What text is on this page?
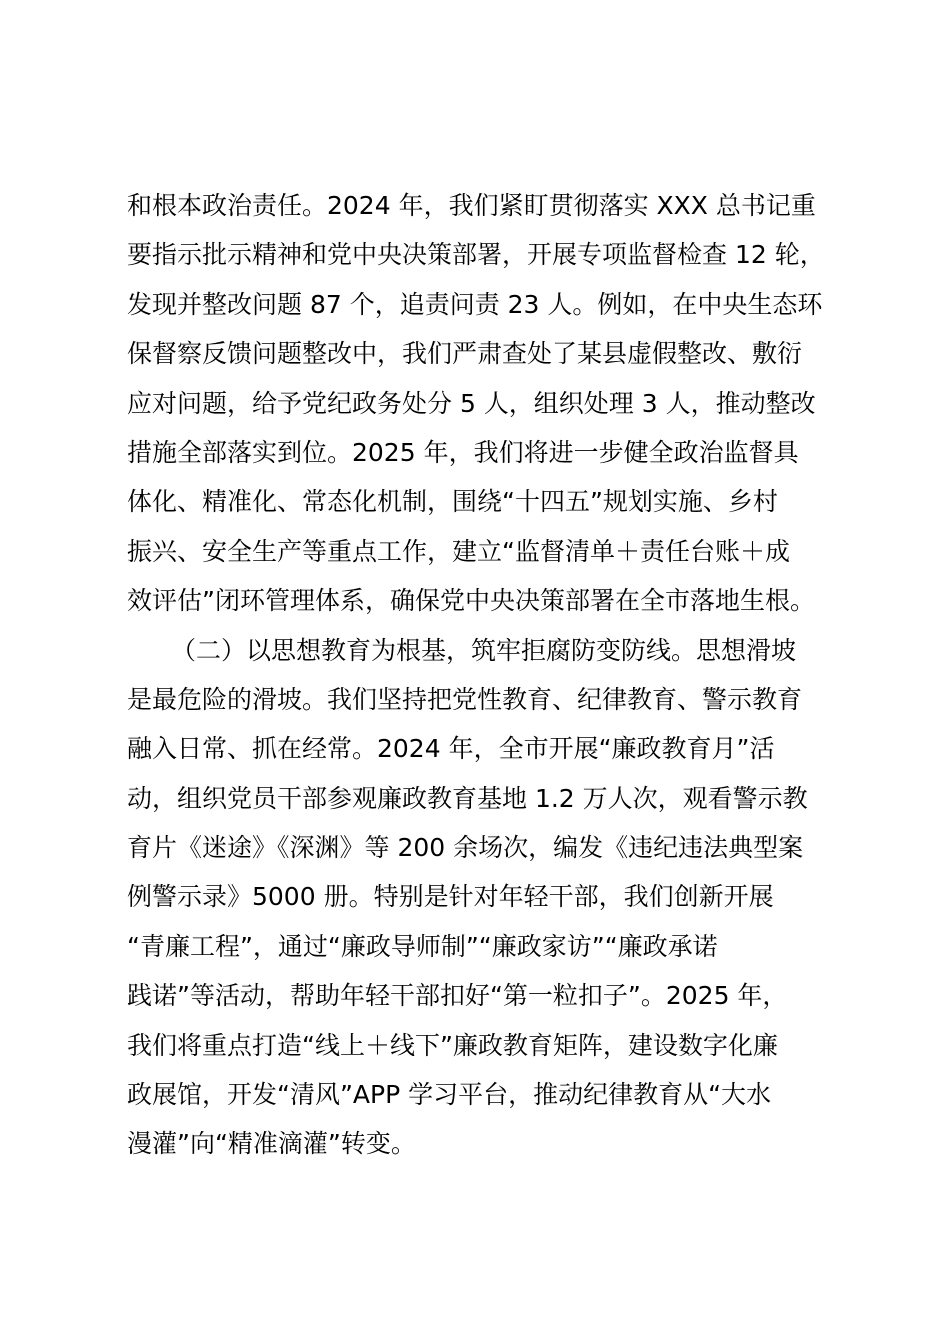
和根本政治责任。2024 年，我们紧盯贯彻落实 XXX 总书记重
要指示批示精神和党中央决策部署，开展专项监督检查 12 轮，
发现并整改问题 87 个，追责问责 23 人。例如，在中央生态环
保督察反馈问题整改中，我们严肃查处了某县虚假整改、敷衍
应对问题，给予党纪政务处分 5 人，组织处理 3 人，推动整改
措施全部落实到位。2025 年，我们将进一步健全政治监督具
体化、精准化、常态化机制，围绕“十四五”规划实施、乡村
振兴、安全生产等重点工作，建立“监督清单＋责任台账＋成
效评估”闭环管理体系，确保党中央决策部署在全市落地生根。
（二）以思想教育为根基，筑牢拒腐防变防线。思想滑坡
是最危险的滑坡。我们坚持把党性教育、纪律教育、警示教育
融入日常、抓在经常。2024 年，全市开展“廉政教育月”活
动，组织党员干部参观廉政教育基地 1.2 万人次，观看警示教
育片《迷途》《深渊》等 200 余场次，编发《违纪违法典型案
例警示录》5000 册。特别是针对年轻干部，我们创新开展
“青廉工程”，通过“廉政导师制”“廉政家访”“廉政承诺
践诺”等活动，帮助年轻干部扣好“第一粒扣子”。2025 年，
我们将重点打造“线上＋线下”廉政教育矩阵，建设数字化廉
政展馆，开发“清风”APP 学习平台，推动纪律教育从“大水
漫灌”向“精准滴灌”转变。
